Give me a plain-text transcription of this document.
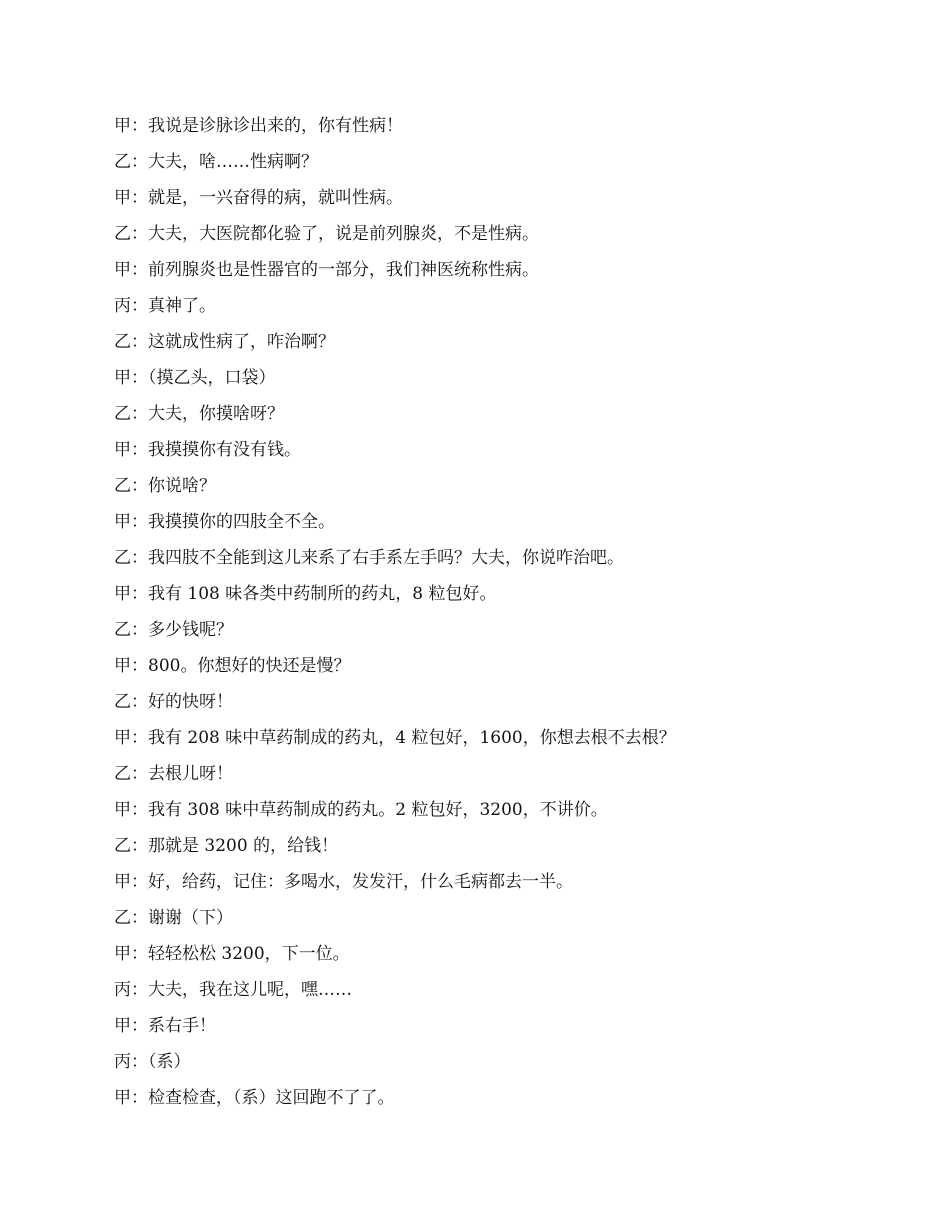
甲：我说是诊脉诊出来的，你有性病！
乙：大夫，啥……性病啊？
甲：就是，一兴奋得的病，就叫性病。
乙：大夫，大医院都化验了，说是前列腺炎，不是性病。
甲：前列腺炎也是性器官的一部分，我们神医统称性病。
丙：真神了。
乙：这就成性病了，咋治啊？
甲：（摸乙头，口袋）
乙：大夫，你摸啥呀？
甲：我摸摸你有没有钱。
乙：你说啥？
甲：我摸摸你的四肢全不全。
乙：我四肢不全能到这儿来系了右手系左手吗？大夫，你说咋治吧。
甲：我有 108 味各类中药制所的药丸，8 粒包好。
乙：多少钱呢？
甲：800。你想好的快还是慢？
乙：好的快呀！
甲：我有 208 味中草药制成的药丸，4 粒包好，1600，你想去根不去根？
乙：去根儿呀！
甲：我有 308 味中草药制成的药丸。2 粒包好，3200，不讲价。
乙：那就是 3200 的，给钱！
甲：好，给药，记住：多喝水，发发汗，什么毛病都去一半。
乙：谢谢（下）
甲：轻轻松松 3200，下一位。
丙：大夫，我在这儿呢，嘿……
甲：系右手！
丙：（系）
甲：检查检查，（系）这回跑不了了。
